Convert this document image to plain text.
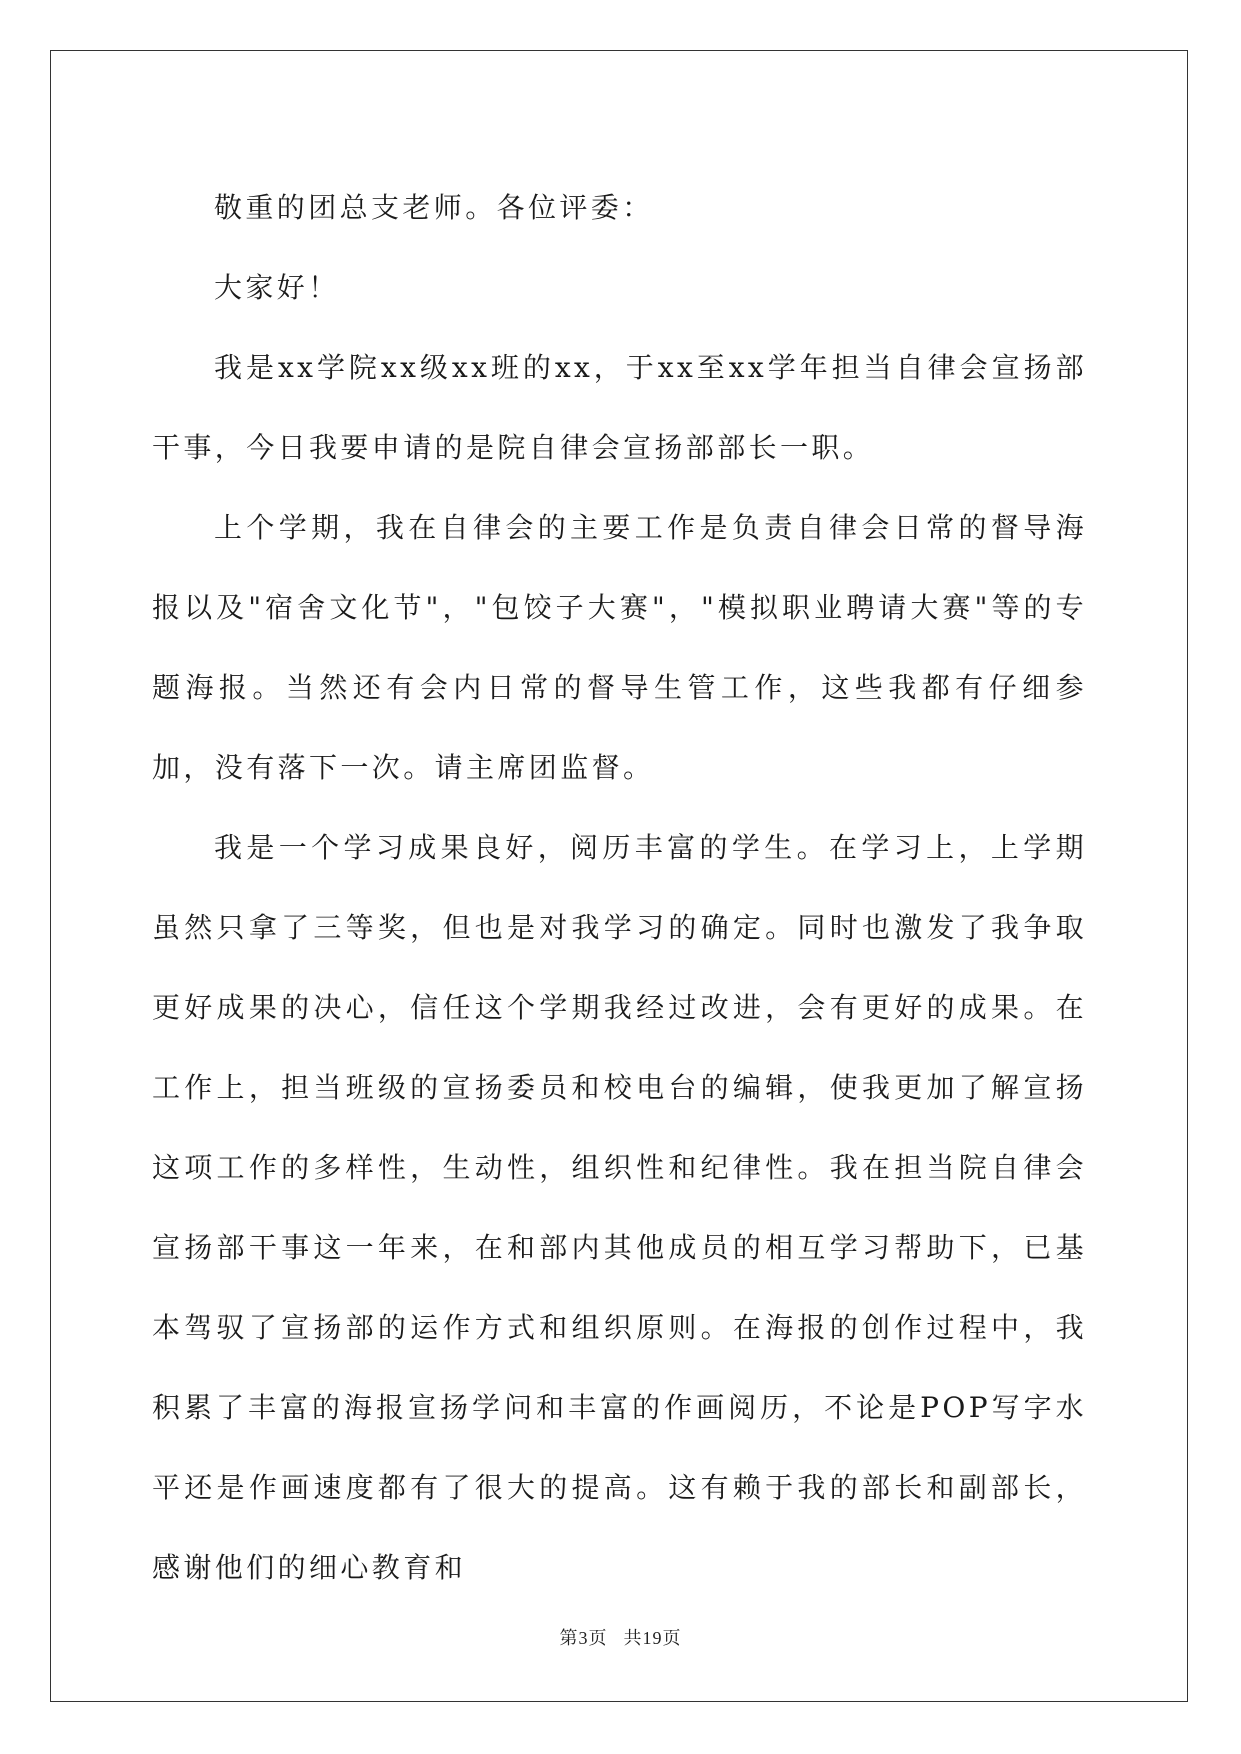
敬重的团总支老师。各位评委：

大家好！

我是xx学院xx级xx班的xx，于xx至xx学年担当自律会宣扬部干事，今日我要申请的是院自律会宣扬部部长一职。

上个学期，我在自律会的主要工作是负责自律会日常的督导海报以及"宿舍文化节"，"包饺子大赛"，"模拟职业聘请大赛"等的专题海报。当然还有会内日常的督导生管工作，这些我都有仔细参加，没有落下一次。请主席团监督。

我是一个学习成果良好，阅历丰富的学生。在学习上，上学期虽然只拿了三等奖，但也是对我学习的确定。同时也激发了我争取更好成果的决心，信任这个学期我经过改进，会有更好的成果。在工作上，担当班级的宣扬委员和校电台的编辑，使我更加了解宣扬这项工作的多样性，生动性，组织性和纪律性。我在担当院自律会宣扬部干事这一年来，在和部内其他成员的相互学习帮助下，已基本驾驭了宣扬部的运作方式和组织原则。在海报的创作过程中，我积累了丰富的海报宣扬学问和丰富的作画阅历，不论是POP写字水平还是作画速度都有了很大的提高。这有赖于我的部长和副部长，感谢他们的细心教育和

第3页 共19页
